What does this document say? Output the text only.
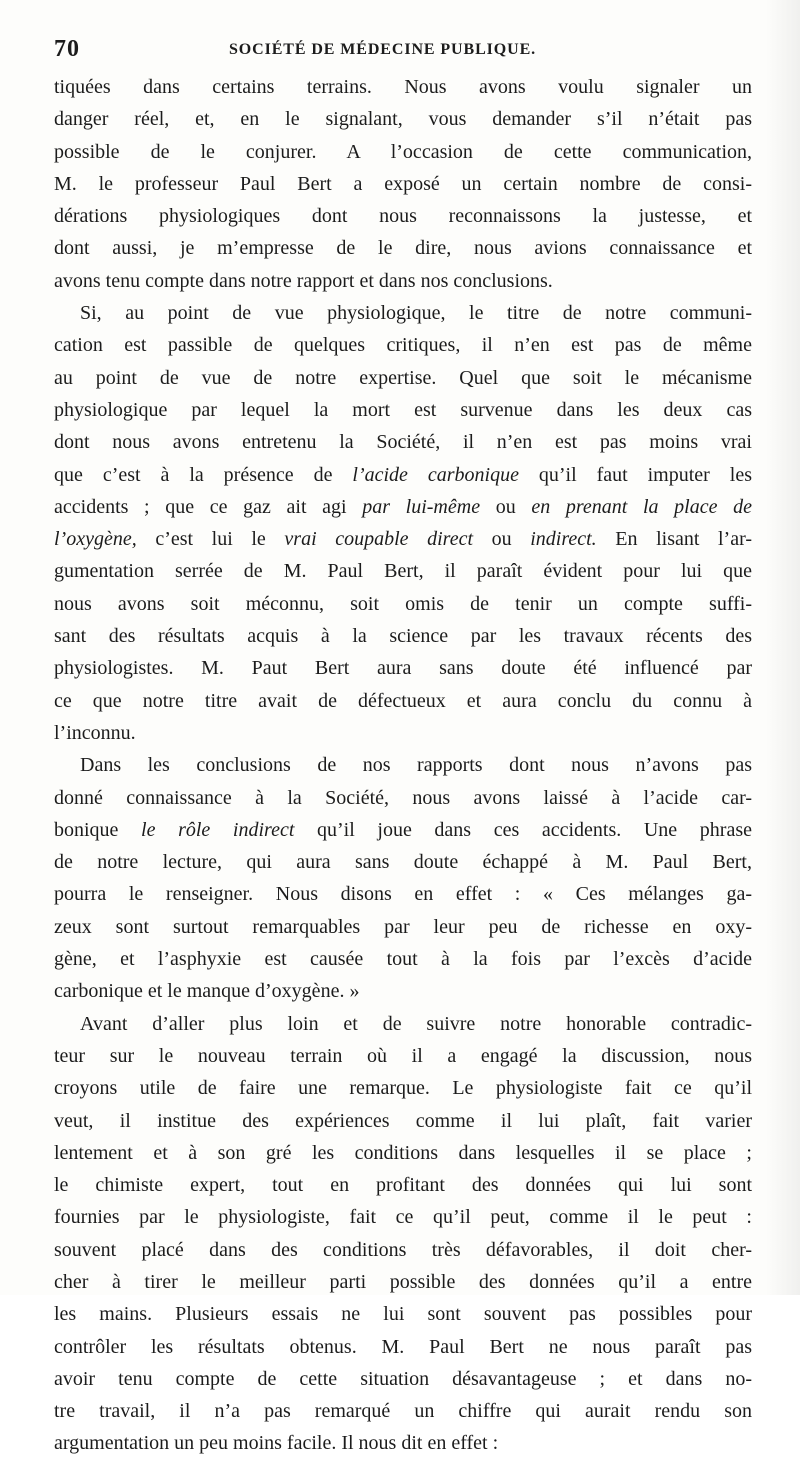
70	SOCIÉTÉ DE MÉDECINE PUBLIQUE.
tiquées dans certains terrains. Nous avons voulu signaler un
danger réel, et, en le signalant, vous demander s’il n’était pas
possible de le conjurer. A l’occasion de cette communication,
M. le professeur Paul Bert a exposé un certain nombre de consi-
dérations physiologiques dont nous reconnaissons la justesse, et
dont aussi, je m’empresse de le dire, nous avions connaissance et
avons tenu compte dans notre rapport et dans nos conclusions.
Si, au point de vue physiologique, le titre de notre communi-
cation est passible de quelques critiques, il n’en est pas de même
au point de vue de notre expertise. Quel que soit le mécanisme
physiologique par lequel la mort est survenue dans les deux cas
dont nous avons entretenu la Société, il n’en est pas moins vrai
que c’est à la présence de l’acide carbonique qu’il faut imputer les
accidents ; que ce gaz ait agi par lui-même ou en prenant la place de
l’oxygène, c’est lui le vrai coupable direct ou indirect. En lisant l’ar-
gumentation serrée de M. Paul Bert, il paraît évident pour lui que
nous avons soit méconnu, soit omis de tenir un compte suffi-
sant des résultats acquis à la science par les travaux récents des
physiologistes. M. Paut Bert aura sans doute été influencé par
ce que notre titre avait de défectueux et aura conclu du connu à
l’inconnu.
Dans les conclusions de nos rapports dont nous n’avons pas
donné connaissance à la Société, nous avons laissé à l’acide car-
bonique le rôle indirect qu’il joue dans ces accidents. Une phrase
de notre lecture, qui aura sans doute échappé à M. Paul Bert,
pourra le renseigner. Nous disons en effet : « Ces mélanges ga-
zeux sont surtout remarquables par leur peu de richesse en oxy-
gène, et l’asphyxie est causée tout à la fois par l’excès d’acide
carbonique et le manque d’oxygène. »
Avant d’aller plus loin et de suivre notre honorable contradic-
teur sur le nouveau terrain où il a engagé la discussion, nous
croyons utile de faire une remarque. Le physiologiste fait ce qu’il
veut, il institue des expériences comme il lui plaît, fait varier
lentement et à son gré les conditions dans lesquelles il se place ;
le chimiste expert, tout en profitant des données qui lui sont
fournies par le physiologiste, fait ce qu’il peut, comme il le peut :
souvent placé dans des conditions très défavorables, il doit cher-
cher à tirer le meilleur parti possible des données qu’il a entre
les mains. Plusieurs essais ne lui sont souvent pas possibles pour
contrôler les résultats obtenus. M. Paul Bert ne nous paraît pas
avoir tenu compte de cette situation désavantageuse ; et dans no-
tre travail, il n’a pas remarqué un chiffre qui aurait rendu son
argumentation un peu moins facile. Il nous dit en effet :
